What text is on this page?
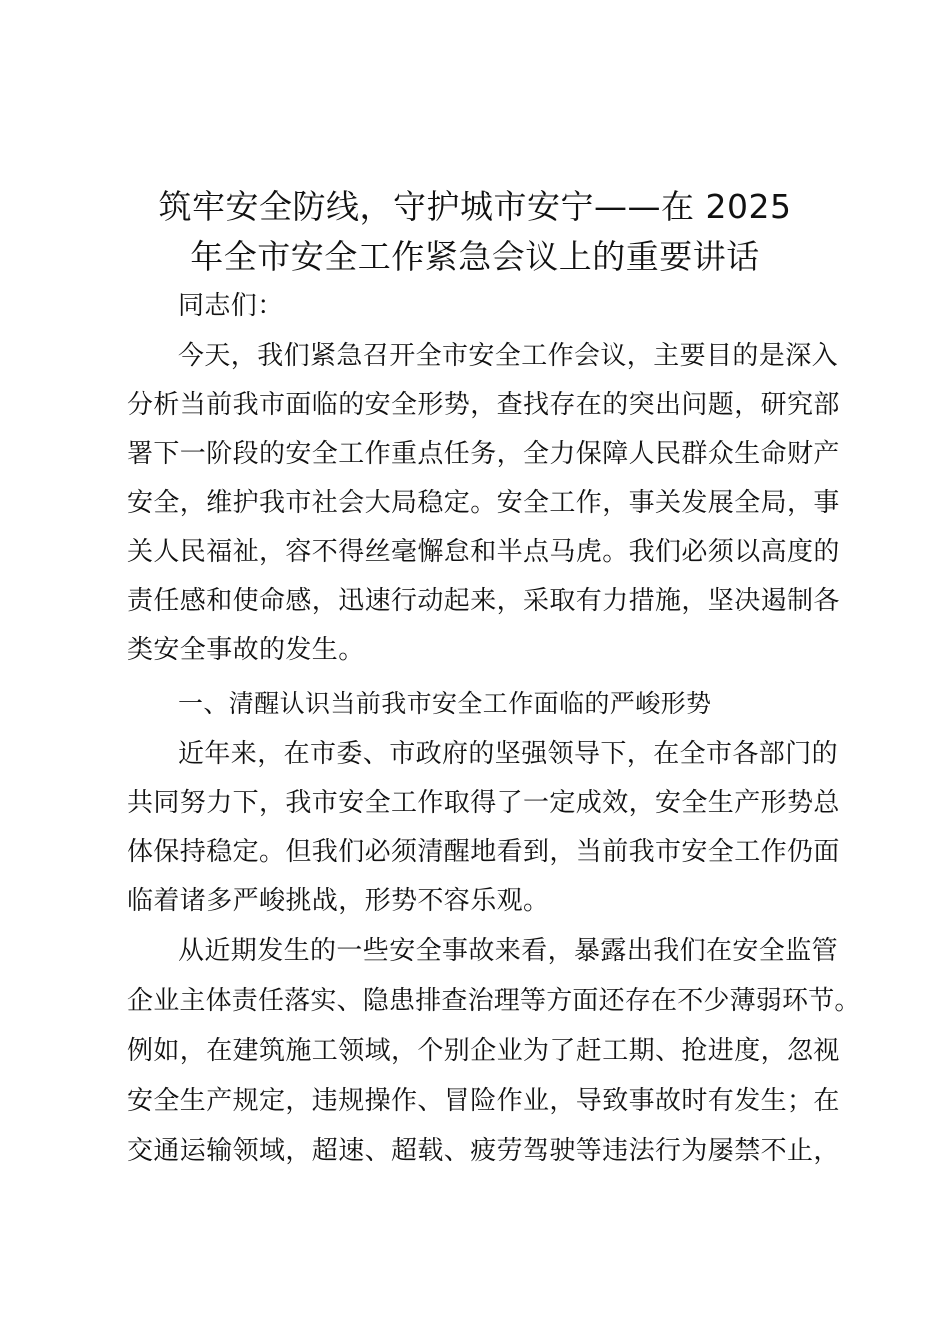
筑牢安全防线，守护城市安宁——在 2025
年全市安全工作紧急会议上的重要讲话
同志们：
今天，我们紧急召开全市安全工作会议，主要目的是深入
分析当前我市面临的安全形势，查找存在的突出问题，研究部
署下一阶段的安全工作重点任务，全力保障人民群众生命财产
安全，维护我市社会大局稳定。安全工作，事关发展全局，事
关人民福祉，容不得丝毫懈怠和半点马虎。我们必须以高度的
责任感和使命感，迅速行动起来，采取有力措施，坚决遏制各
类安全事故的发生。
一、清醒认识当前我市安全工作面临的严峻形势
近年来，在市委、市政府的坚强领导下，在全市各部门的
共同努力下，我市安全工作取得了一定成效，安全生产形势总
体保持稳定。但我们必须清醒地看到，当前我市安全工作仍面
临着诸多严峻挑战，形势不容乐观。
从近期发生的一些安全事故来看，暴露出我们在安全监管
企业主体责任落实、隐患排查治理等方面还存在不少薄弱环节。
例如，在建筑施工领域，个别企业为了赶工期、抢进度，忽视
安全生产规定，违规操作、冒险作业，导致事故时有发生；在
交通运输领域，超速、超载、疲劳驾驶等违法行为屡禁不止，
